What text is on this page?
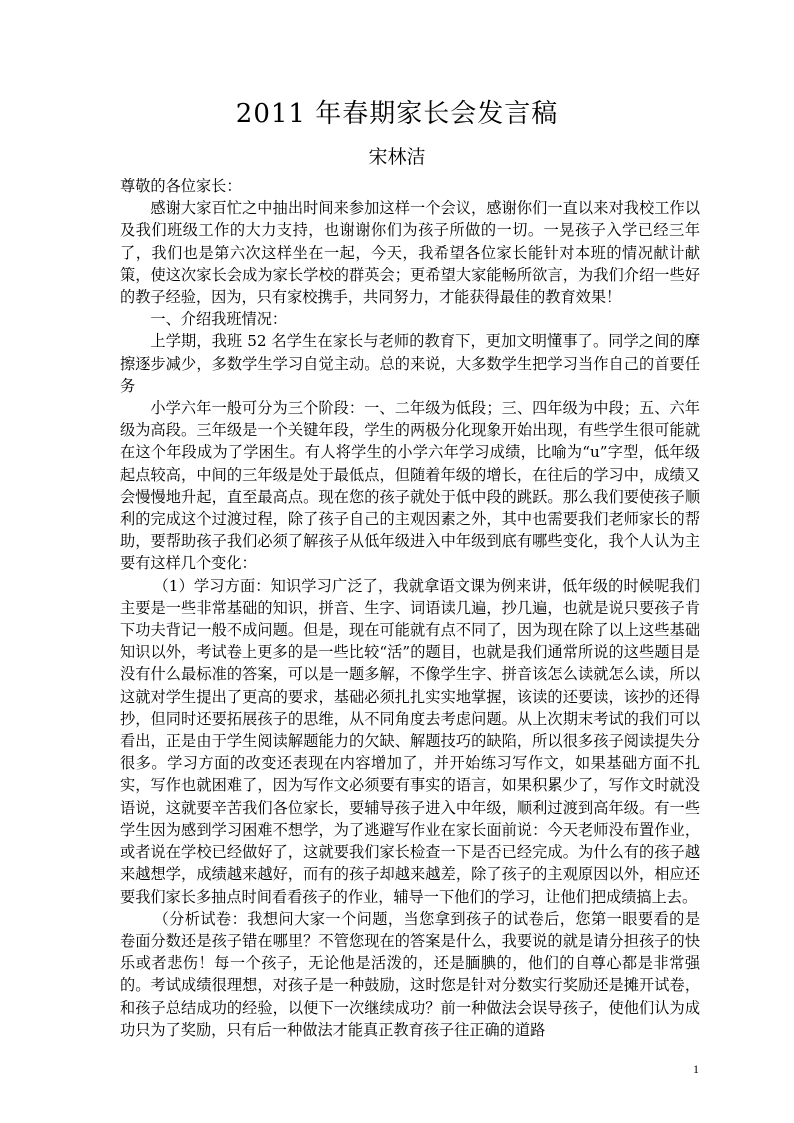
2011 年春期家长会发言稿
宋林洁

尊敬的各位家长：

感谢大家百忙之中抽出时间来参加这样一个会议，感谢你们一直以来对我校工作以及我们班级工作的大力支持，也谢谢你们为孩子所做的一切。一晃孩子入学已经三年了，我们也是第六次这样坐在一起，今天，我希望各位家长能针对本班的情况献计献策，使这次家长会成为家长学校的群英会；更希望大家能畅所欲言，为我们介绍一些好的教子经验，因为，只有家校携手，共同努力，才能获得最佳的教育效果！

一、介绍我班情况：

上学期，我班 52 名学生在家长与老师的教育下，更加文明懂事了。同学之间的摩擦逐步减少，多数学生学习自觉主动。总的来说，大多数学生把学习当作自己的首要任务

小学六年一般可分为三个阶段：一、二年级为低段；三、四年级为中段；五、六年级为高段。三年级是一个关键年段，学生的两极分化现象开始出现，有些学生很可能就在这个年段成为了学困生。有人将学生的小学六年学习成绩，比喻为“u”字型，低年级起点较高，中间的三年级是处于最低点，但随着年级的增长，在往后的学习中，成绩又会慢慢地升起，直至最高点。现在您的孩子就处于低中段的跳跃。那么我们要使孩子顺利的完成这个过渡过程，除了孩子自己的主观因素之外，其中也需要我们老师家长的帮助，要帮助孩子我们必须了解孩子从低年级进入中年级到底有哪些变化，我个人认为主要有这样几个变化：

（1）学习方面：知识学习广泛了，我就拿语文课为例来讲，低年级的时候呢我们主要是一些非常基础的知识，拼音、生字、词语读几遍，抄几遍，也就是说只要孩子肯下功夫背记一般不成问题。但是，现在可能就有点不同了，因为现在除了以上这些基础知识以外，考试卷上更多的是一些比较“活”的题目，也就是我们通常所说的这些题目是没有什么最标准的答案，可以是一题多解，不像学生字、拼音该怎么读就怎么读，所以这就对学生提出了更高的要求，基础必须扎扎实实地掌握，该读的还要读，该抄的还得抄，但同时还要拓展孩子的思维，从不同角度去考虑问题。从上次期末考试的我们可以看出，正是由于学生阅读解题能力的欠缺、解题技巧的缺陷，所以很多孩子阅读提失分很多。学习方面的改变还表现在内容增加了，并开始练习写作文，如果基础方面不扎实，写作也就困难了，因为写作文必须要有事实的语言，如果积累少了，写作文时就没语说，这就要辛苦我们各位家长，要辅导孩子进入中年级，顺利过渡到高年级。有一些学生因为感到学习困难不想学，为了逃避写作业在家长面前说：今天老师没布置作业，或者说在学校已经做好了，这就要我们家长检查一下是否已经完成。为什么有的孩子越来越想学，成绩越来越好，而有的孩子却越来越差，除了孩子的主观原因以外，相应还要我们家长多抽点时间看看孩子的作业，辅导一下他们的学习，让他们把成绩搞上去。

（分析试卷：我想问大家一个问题，当您拿到孩子的试卷后，您第一眼要看的是卷面分数还是孩子错在哪里？不管您现在的答案是什么，我要说的就是请分担孩子的快乐或者悲伤！每一个孩子，无论他是活泼的，还是腼腆的，他们的自尊心都是非常强的。考试成绩很理想，对孩子是一种鼓励，这时您是针对分数实行奖励还是摊开试卷，和孩子总结成功的经验，以便下一次继续成功？前一种做法会误导孩子，使他们认为成功只为了奖励，只有后一种做法才能真正教育孩子往正确的道路

1
